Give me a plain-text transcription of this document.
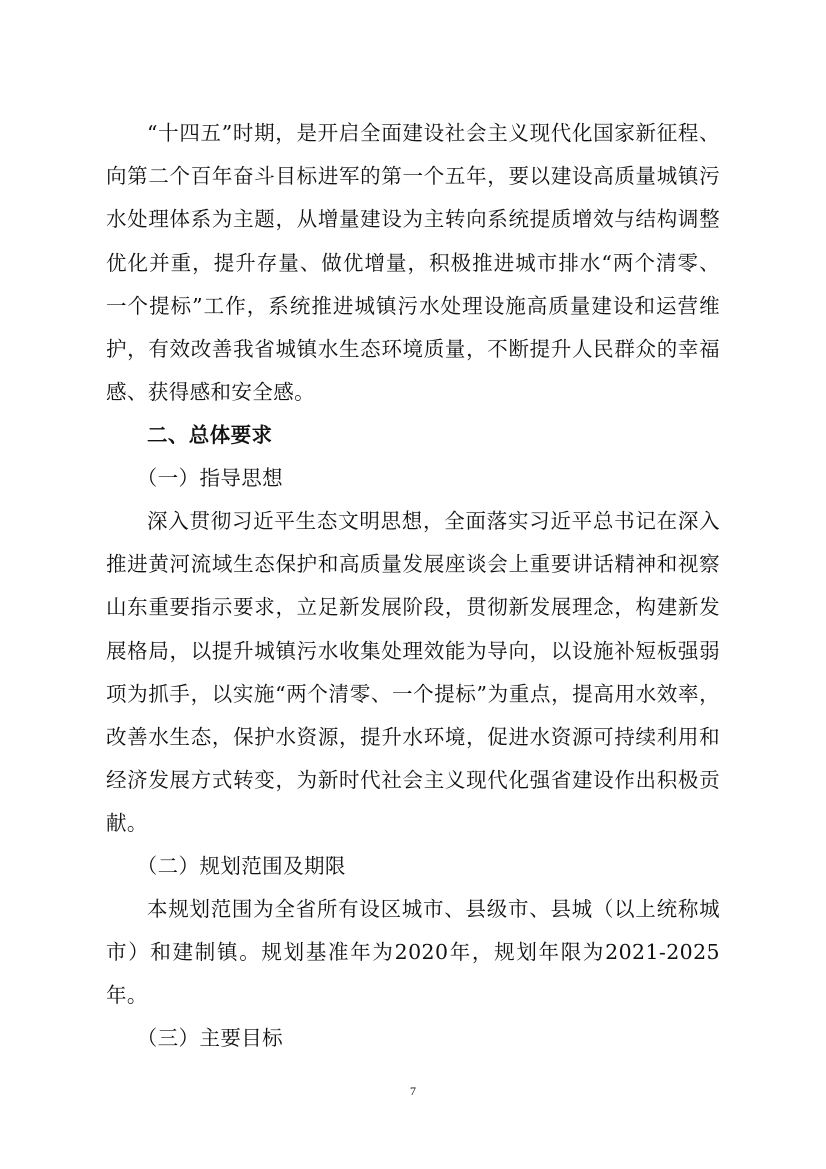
“十四五”时期，是开启全面建设社会主义现代化国家新征程、向第二个百年奋斗目标进军的第一个五年，要以建设高质量城镇污水处理体系为主题，从增量建设为主转向系统提质增效与结构调整优化并重，提升存量、做优增量，积极推进城市排水“两个清零、一个提标”工作，系统推进城镇污水处理设施高质量建设和运营维护，有效改善我省城镇水生态环境质量，不断提升人民群众的幸福感、获得感和安全感。

二、总体要求

（一）指导思想

深入贯彻习近平生态文明思想，全面落实习近平总书记在深入推进黄河流域生态保护和高质量发展座谈会上重要讲话精神和视察山东重要指示要求，立足新发展阶段，贯彻新发展理念，构建新发展格局，以提升城镇污水收集处理效能为导向，以设施补短板强弱项为抓手，以实施“两个清零、一个提标”为重点，提高用水效率，改善水生态，保护水资源，提升水环境，促进水资源可持续利用和经济发展方式转变，为新时代社会主义现代化强省建设作出积极贡献。

（二）规划范围及期限

本规划范围为全省所有设区城市、县级市、县城（以上统称城市）和建制镇。规划基准年为2020年，规划年限为2021-2025年。

（三）主要目标

7
